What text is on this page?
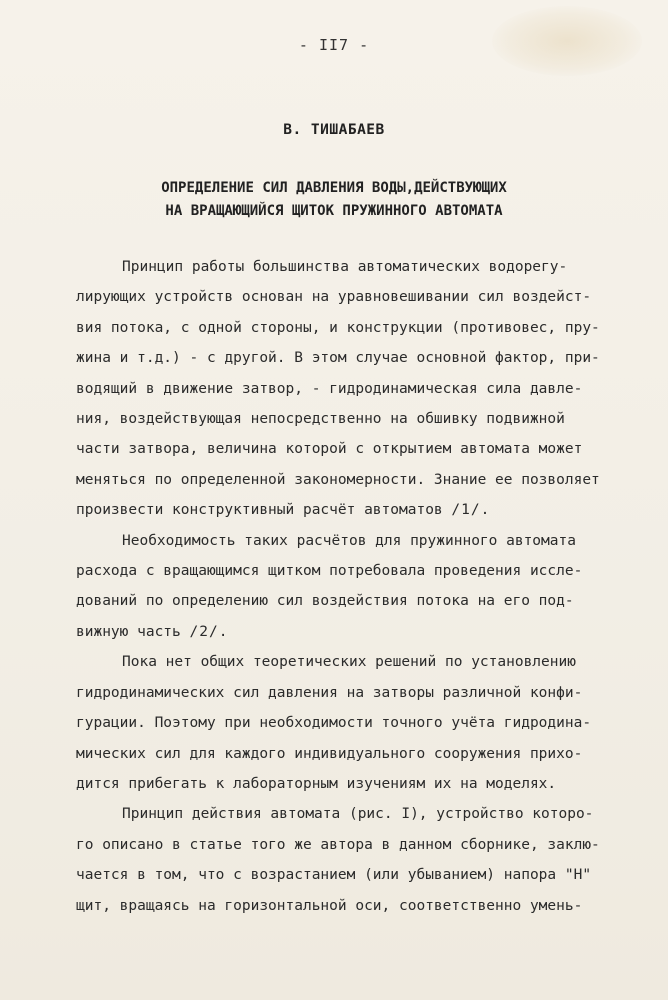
- II7 -
В. ТИШАБАЕВ
ОПРЕДЕЛЕНИЕ СИЛ ДАВЛЕНИЯ ВОДЫ,ДЕЙСТВУЮЩИХ
НА ВРАЩАЮЩИЙСЯ ЩИТОК ПРУЖИННОГО АВТОМАТА

Принцип работы большинства автоматических водорегу-

лирующих устройств основан на уравновешивании сил воздейст-

вия потока, с одной стороны, и конструкции (противовес, пру-

жина и т.д.) - с другой. В этом случае основной фактор, при-

водящий в движение затвор, - гидродинамическая сила давле-

ния, воздействующая непосредственно на обшивку подвижной

части затвора, величина которой с открытием автомата может

меняться по определенной закономерности. Знание ее позволяет

произвести конструктивный расчёт автоматов /1/.

Необходимость таких расчётов для пружинного автомата

расхода с вращающимся щитком потребовала проведения иссле-

дований по определению сил воздействия потока на его под-

вижную часть /2/.

Пока нет общих теоретических решений по установлению

гидродинамических сил давления на затворы различной конфи-

гурации. Поэтому при необходимости точного учёта гидродина-

мических сил для каждого индивидуального сооружения прихо-

дится прибегать к лабораторным изучениям их на моделях.

Принцип действия автомата (рис. I), устройство которо-

го описано в статье того же автора в данном сборнике, заклю-

чается в том, что с возрастанием (или убыванием) напора "H"

щит, вращаясь на горизонтальной оси, соответственно умень-
